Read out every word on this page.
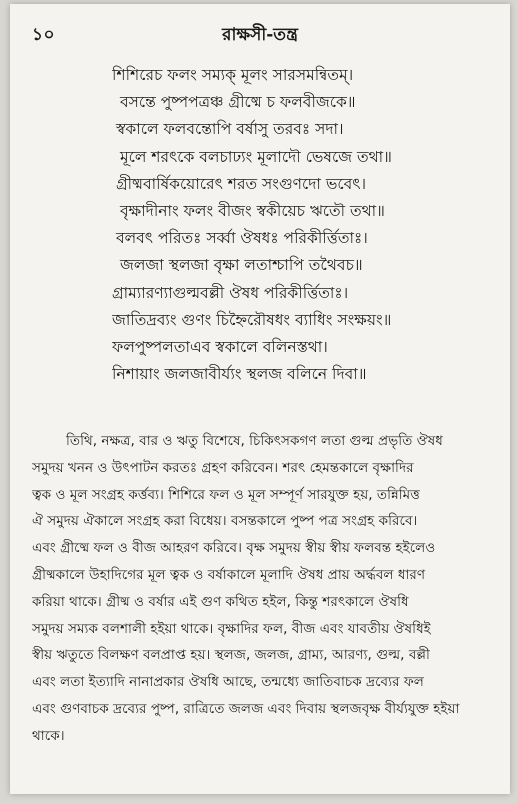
১০	রাক্ষসী-তন্ত্র
শিশিরেচ ফলং সম্যক্ মূলং সারসমন্বিতম্।
বসন্তে পুষ্পপত্রঞ্চ গ্রীষ্মে চ ফলবীজকে॥
স্বকালে ফলবন্তোপি বর্ষাসু তরবঃ সদা।
মূলে শরৎকে বলচাঢ্যং মূলাদৌ ভেষজে তথা॥
গ্রীষ্মবার্ষিকয়োরেৎ শরত সংগুণদো ভবেৎ।
বৃক্ষাদীনাং ফলং বীজং স্বকীয়েচ ঋতৌ তথা॥
বলবৎ পরিতঃ সর্ব্বা ঔষধঃ পরিকীর্ত্তিতাঃ।
জলজা স্থলজা বৃক্ষা লতাশ্চাপি তথৈবচ॥
গ্রাম্যারণ্যাগুল্মবল্লী ঔষধ পরিকীর্ত্তিতাঃ।
জাতিদ্রব্যং গুণং চিহ্নৈরৌষধং ব্যাধিং সংক্ষয়ং॥
ফলপুষ্পলতাএব স্বকালে বলিনস্তথা।
নিশায়াং জলজাবীর্য্যং স্থলজ বলিনে দিবা॥
তিথি, নক্ষত্র, বার ও ঋতু বিশেষে, চিকিৎসকগণ লতা গুল্ম প্রভৃতি ঔষধ
সমুদয় খনন ও উৎপাটন করতঃ গ্রহণ করিবেন। শরৎ হেমন্তকালে বৃক্ষাদির
ত্বক ও মূল সংগ্রহ কর্ত্তব্য। শিশিরে ফল ও মূল সম্পূর্ণ সারযুক্ত হয়, তন্নিমিত্ত
ঐ সমুদয় ঐকালে সংগ্রহ করা বিধেয়। বসন্তকালে পুষ্প পত্র সংগ্রহ করিবে।
এবং গ্রীষ্মে ফল ও বীজ আহরণ করিবে। বৃক্ষ সমুদয় স্বীয় স্বীয় ফলবন্ত হইলেও
গ্রীষ্মকালে উহাদিগের মূল ত্বক ও বর্ষাকালে মূলাদি ঔষধ প্রায় অর্দ্ধবল ধারণ
করিয়া থাকে। গ্রীষ্ম ও বর্ষার এই গুণ কথিত হইল, কিন্তু শরৎকালে ঔষধি
সমুদয় সম্যক বলশালী হইয়া থাকে। বৃক্ষাদির ফল, বীজ এবং যাবতীয় ঔষধিই
স্বীয় ঋতুতে বিলক্ষণ বলপ্রাপ্ত হয়। স্থলজ, জলজ, গ্রাম্য, আরণ্য, গুল্ম, বল্লী
এবং লতা ইত্যাদি নানাপ্রকার ঔষধি আছে, তন্মধ্যে জাতিবাচক দ্রব্যের ফল
এবং গুণবাচক দ্রব্যের পুষ্প, রাত্রিতে জলজ এবং দিবায় স্থলজবৃক্ষ বীর্য্যযুক্ত হইয়া
থাকে।
